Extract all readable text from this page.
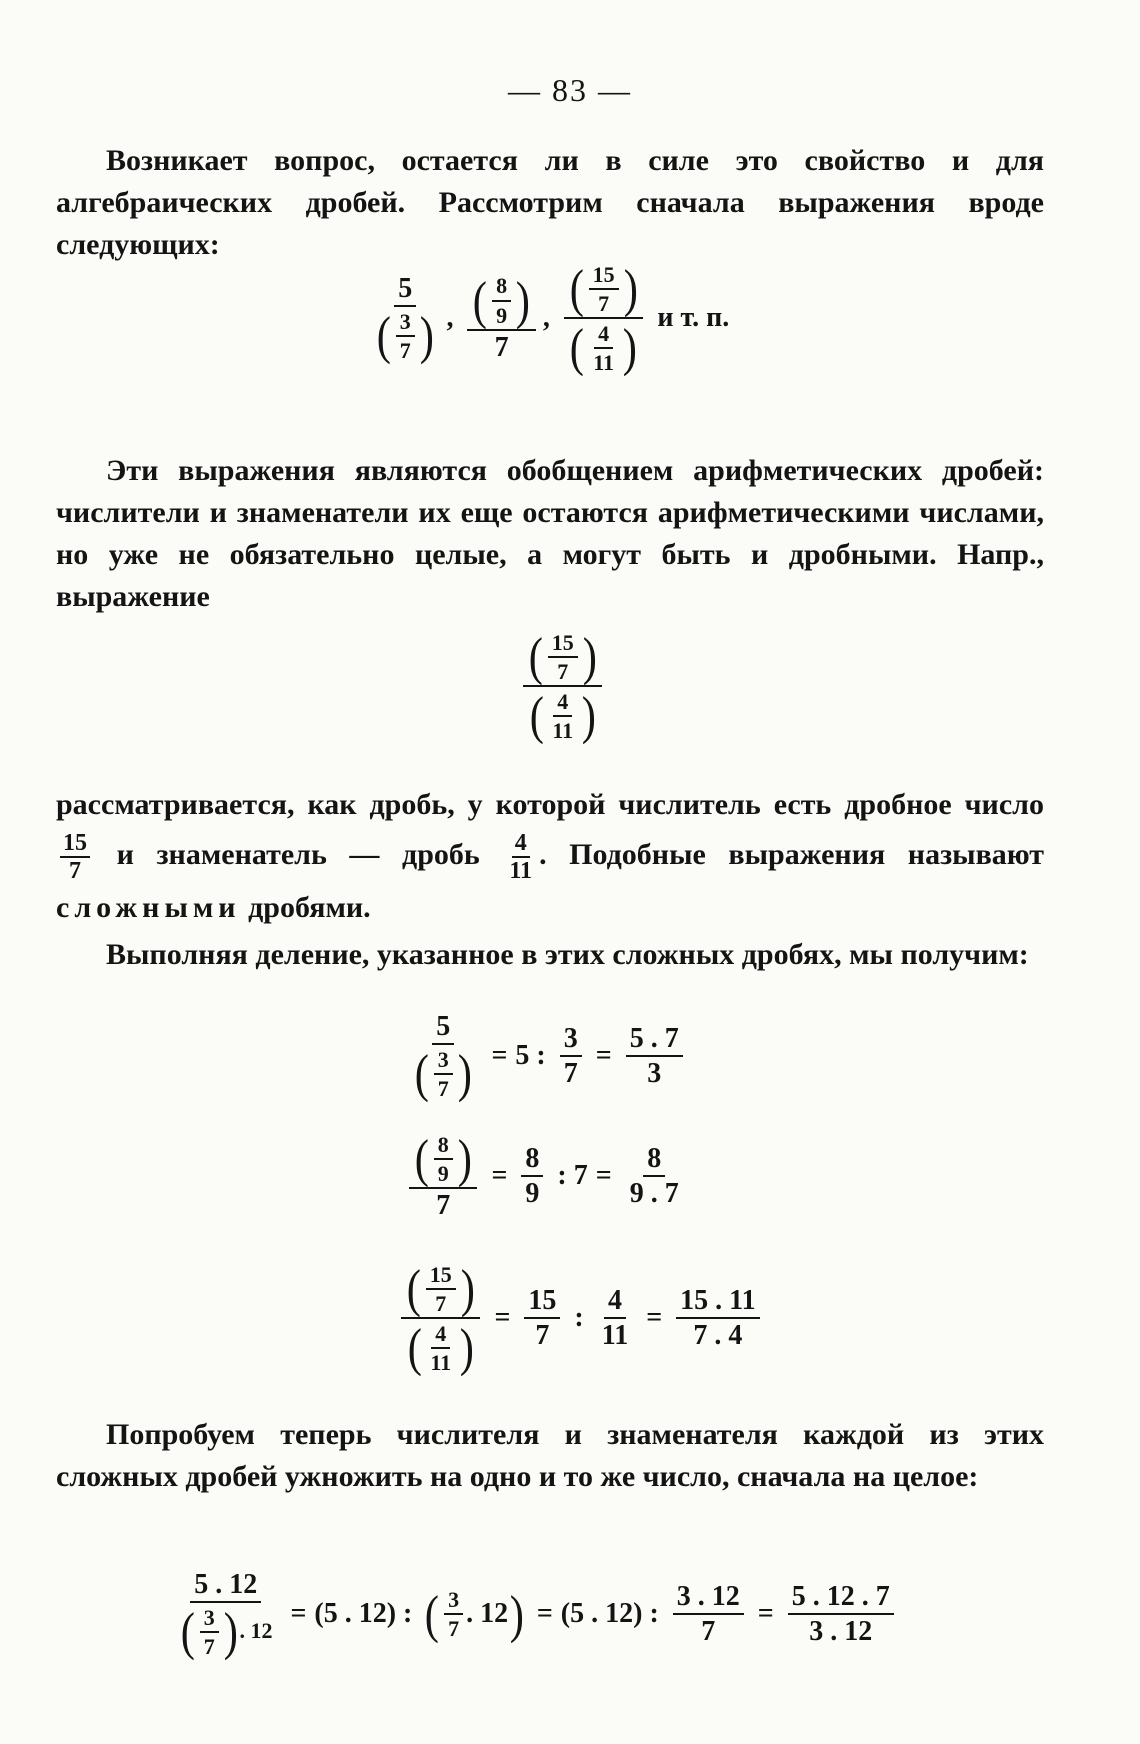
— 83 —

Возникает вопрос, остается ли в силе это свойство и для алгебраических дробей. Рассмотрим сначала выражения вроде следующих:

5
( 3
7 ) , ( 8
9 )
7 , ( 15
7 )
( 4
11 ) и т. п.

Эти выражения являются обобщением арифметических дробей: числители и знаменатели их еще остаются арифметическими числами, но уже не обязательно целые, а могут быть и дробными. Напр., выражение

( 15
7 )
( 4
11 )

рассматривается, как дробь, у которой числитель есть дробное число
$\frac{15}{7}$ и знаменатель — дробь $\frac{4}{11}$ . Подобные выражения называют сложными дробями.

Выполняя деление, указанное в этих сложных дробях, мы получим:

5
( 3
7 ) = 5 : $\frac{3}{7} = \frac{5 . 7}{3}$
( 8
9 )
$7 = \frac{8}{9}$ : $7 = \frac{8}{9 . 7}$
( 15
7 )
( 4
11 ) = $\frac{15}{7}$ : $\frac{4}{11} = \frac{15 . 11}{7 . 4}$

Попробуем теперь числителя и знаменателя каждой из этих сложных дробей ужножить на одно и то же число, сначала на целое:

5 . 12
( 3
7 ) . 12 = (5 . 12) : ( 3
7 . 12 ) = (5 . 12) : $\frac{3 . 12}{7} = \frac{5 . 12 . 7}{3 . 12}$
